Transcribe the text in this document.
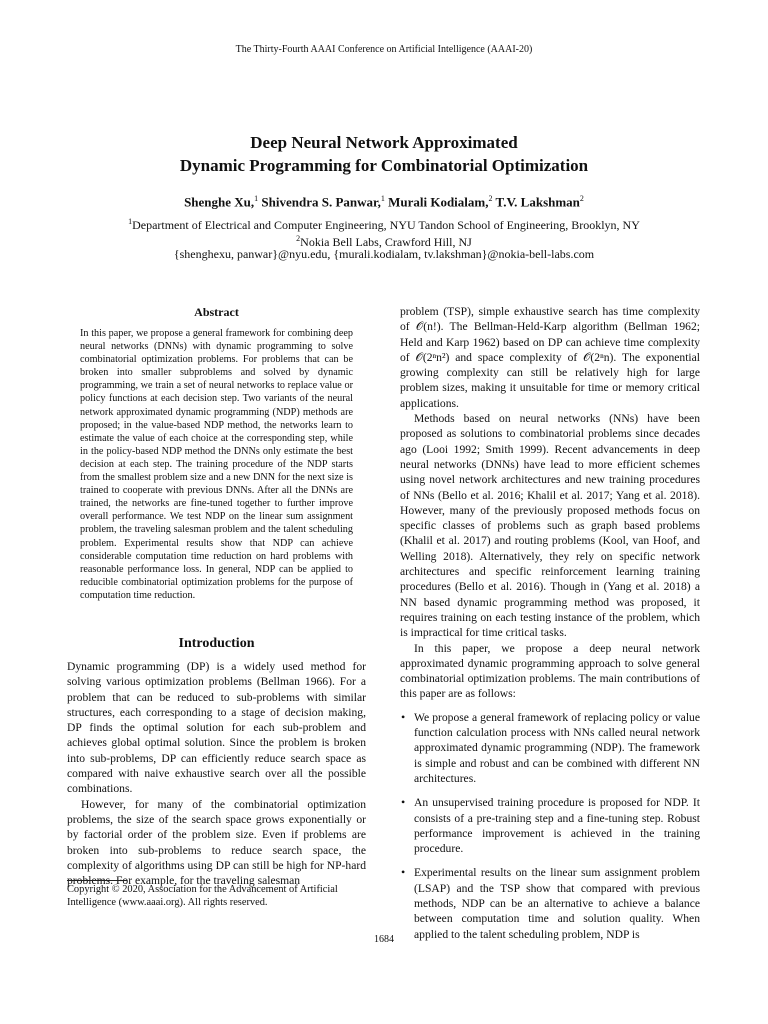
The Thirty-Fourth AAAI Conference on Artificial Intelligence (AAAI-20)
Deep Neural Network Approximated
Dynamic Programming for Combinatorial Optimization
Shenghe Xu,$^1$ Shivendra S. Panwar,$^1$ Murali Kodialam,$^2$ T.V. Lakshman$^2$
$^1$Department of Electrical and Computer Engineering, NYU Tandon School of Engineering, Brooklyn, NY
$^2$Nokia Bell Labs, Crawford Hill, NJ
{shenghexu, panwar}@nyu.edu, {murali.kodialam, tv.lakshman}@nokia-bell-labs.com
Abstract
In this paper, we propose a general framework for combining deep neural networks (DNNs) with dynamic programming to solve combinatorial optimization problems. For problems that can be broken into smaller subproblems and solved by dynamic programming, we train a set of neural networks to replace value or policy functions at each decision step. Two variants of the neural network approximated dynamic programming (NDP) methods are proposed; in the value-based NDP method, the networks learn to estimate the value of each choice at the corresponding step, while in the policy-based NDP method the DNNs only estimate the best decision at each step. The training procedure of the NDP starts from the smallest problem size and a new DNN for the next size is trained to cooperate with previous DNNs. After all the DNNs are trained, the networks are fine-tuned together to further improve overall performance. We test NDP on the linear sum assignment problem, the traveling salesman problem and the talent scheduling problem. Experimental results show that NDP can achieve considerable computation time reduction on hard problems with reasonable performance loss. In general, NDP can be applied to reducible combinatorial optimization problems for the purpose of computation time reduction.
Introduction

Dynamic programming (DP) is a widely used method for solving various optimization problems (Bellman 1966). For a problem that can be reduced to sub-problems with similar structures, each corresponding to a stage of decision making, DP finds the optimal solution for each sub-problem and achieves global optimal solution. Since the problem is broken into sub-problems, DP can efficiently reduce search space as compared with naive exhaustive search over all the possible combinations.

However, for many of the combinatorial optimization problems, the size of the search space grows exponentially or by factorial order of the problem size. Even if problems are broken into sub-problems to reduce search space, the complexity of algorithms using DP can still be high for NP-hard problems. For example, for the traveling salesman

Copyright © 2020, Association for the Advancement of Artificial Intelligence (www.aaai.org). All rights reserved.

problem (TSP), simple exhaustive search has time complexity of 𝒪(n!). The Bellman-Held-Karp algorithm (Bellman 1962; Held and Karp 1962) based on DP can achieve time complexity of 𝒪(2ⁿn²) and space complexity of 𝒪(2ⁿn). The exponential growing complexity can still be relatively high for large problem sizes, making it unsuitable for time or memory critical applications.

Methods based on neural networks (NNs) have been proposed as solutions to combinatorial problems since decades ago (Looi 1992; Smith 1999). Recent advancements in deep neural networks (DNNs) have lead to more efficient schemes using novel network architectures and new training procedures of NNs (Bello et al. 2016; Khalil et al. 2017; Yang et al. 2018). However, many of the previously proposed methods focus on specific classes of problems such as graph based problems (Khalil et al. 2017) and routing problems (Kool, van Hoof, and Welling 2018). Alternatively, they rely on specific network architectures and specific reinforcement learning training procedures (Bello et al. 2016). Though in (Yang et al. 2018) a NN based dynamic programming method was proposed, it requires training on each testing instance of the problem, which is impractical for time critical tasks.

In this paper, we propose a deep neural network approximated dynamic programming approach to solve general combinatorial optimization problems. The main contributions of this paper are as follows:

• We propose a general framework of replacing policy or value function calculation process with NNs called neural network approximated dynamic programming (NDP). The framework is simple and robust and can be combined with different NN architectures.
• An unsupervised training procedure is proposed for NDP. It consists of a pre-training step and a fine-tuning step. Robust performance improvement is achieved in the training procedure.
• Experimental results on the linear sum assignment problem (LSAP) and the TSP show that compared with previous methods, NDP can be an alternative to achieve a balance between computation time and solution quality. When applied to the talent scheduling problem, NDP is
1684
